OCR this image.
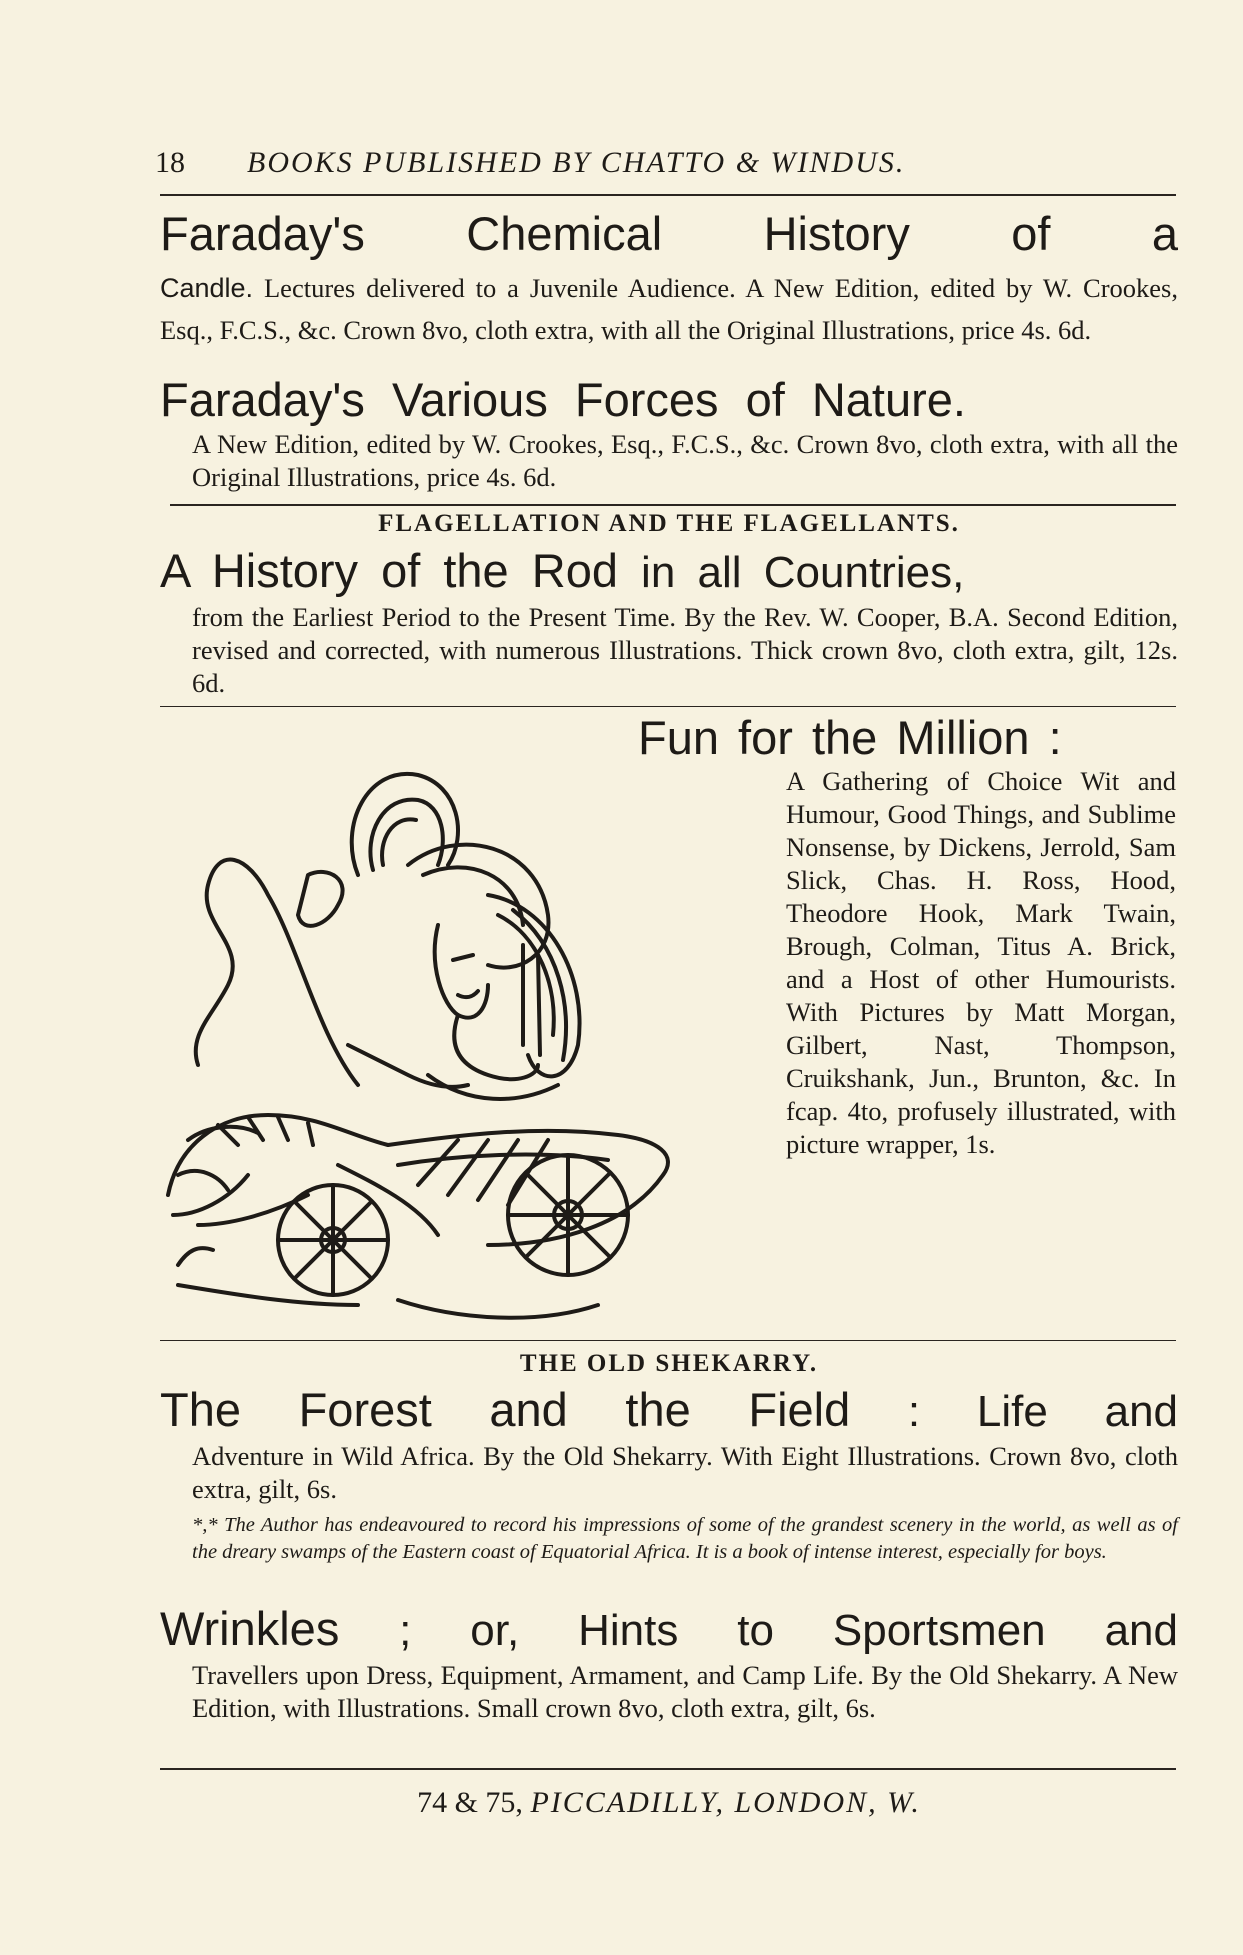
18 BOOKS PUBLISHED BY CHATTO & WINDUS.
Faraday's Chemical History of a
Candle. Lectures delivered to a Juvenile Audience. A New Edition, edited by W. Crookes, Esq., F.C.S., &c. Crown 8vo, cloth extra, with all the Original Illustrations, price 4s. 6d.
Faraday's Various Forces of Nature.
A New Edition, edited by W. Crookes, Esq., F.C.S., &c. Crown 8vo, cloth extra, with all the Original Illustrations, price 4s. 6d.
FLAGELLATION AND THE FLAGELLANTS.
A History of the Rod in all Countries,
from the Earliest Period to the Present Time. By the Rev. W. Cooper, B.A. Second Edition, revised and corrected, with numerous Illustrations. Thick crown 8vo, cloth extra, gilt, 12s. 6d.
Fun for the Million :
A Gathering of Choice Wit and Humour, Good Things, and Sublime Nonsense, by Dickens, Jerrold, Sam Slick, Chas. H. Ross, Hood, Theodore Hook, Mark Twain, Brough, Colman, Titus A. Brick, and a Host of other Humourists. With Pictures by Matt Morgan, Gilbert, Nast, Thompson, Cruikshank, Jun., Brunton, &c. In fcap. 4to, profusely illustrated, with picture wrapper, 1s.
THE OLD SHEKARRY.
The Forest and the Field : Life and
Adventure in Wild Africa. By the Old Shekarry. With Eight Illustrations. Crown 8vo, cloth extra, gilt, 6s.
*,* The Author has endeavoured to record his impressions of some of the grandest scenery in the world, as well as of the dreary swamps of the Eastern coast of Equatorial Africa. It is a book of intense interest, especially for boys.
Wrinkles ; or, Hints to Sportsmen and
Travellers upon Dress, Equipment, Armament, and Camp Life. By the Old Shekarry. A New Edition, with Illustrations. Small crown 8vo, cloth extra, gilt, 6s.
74 & 75, PICCADILLY, LONDON, W.
